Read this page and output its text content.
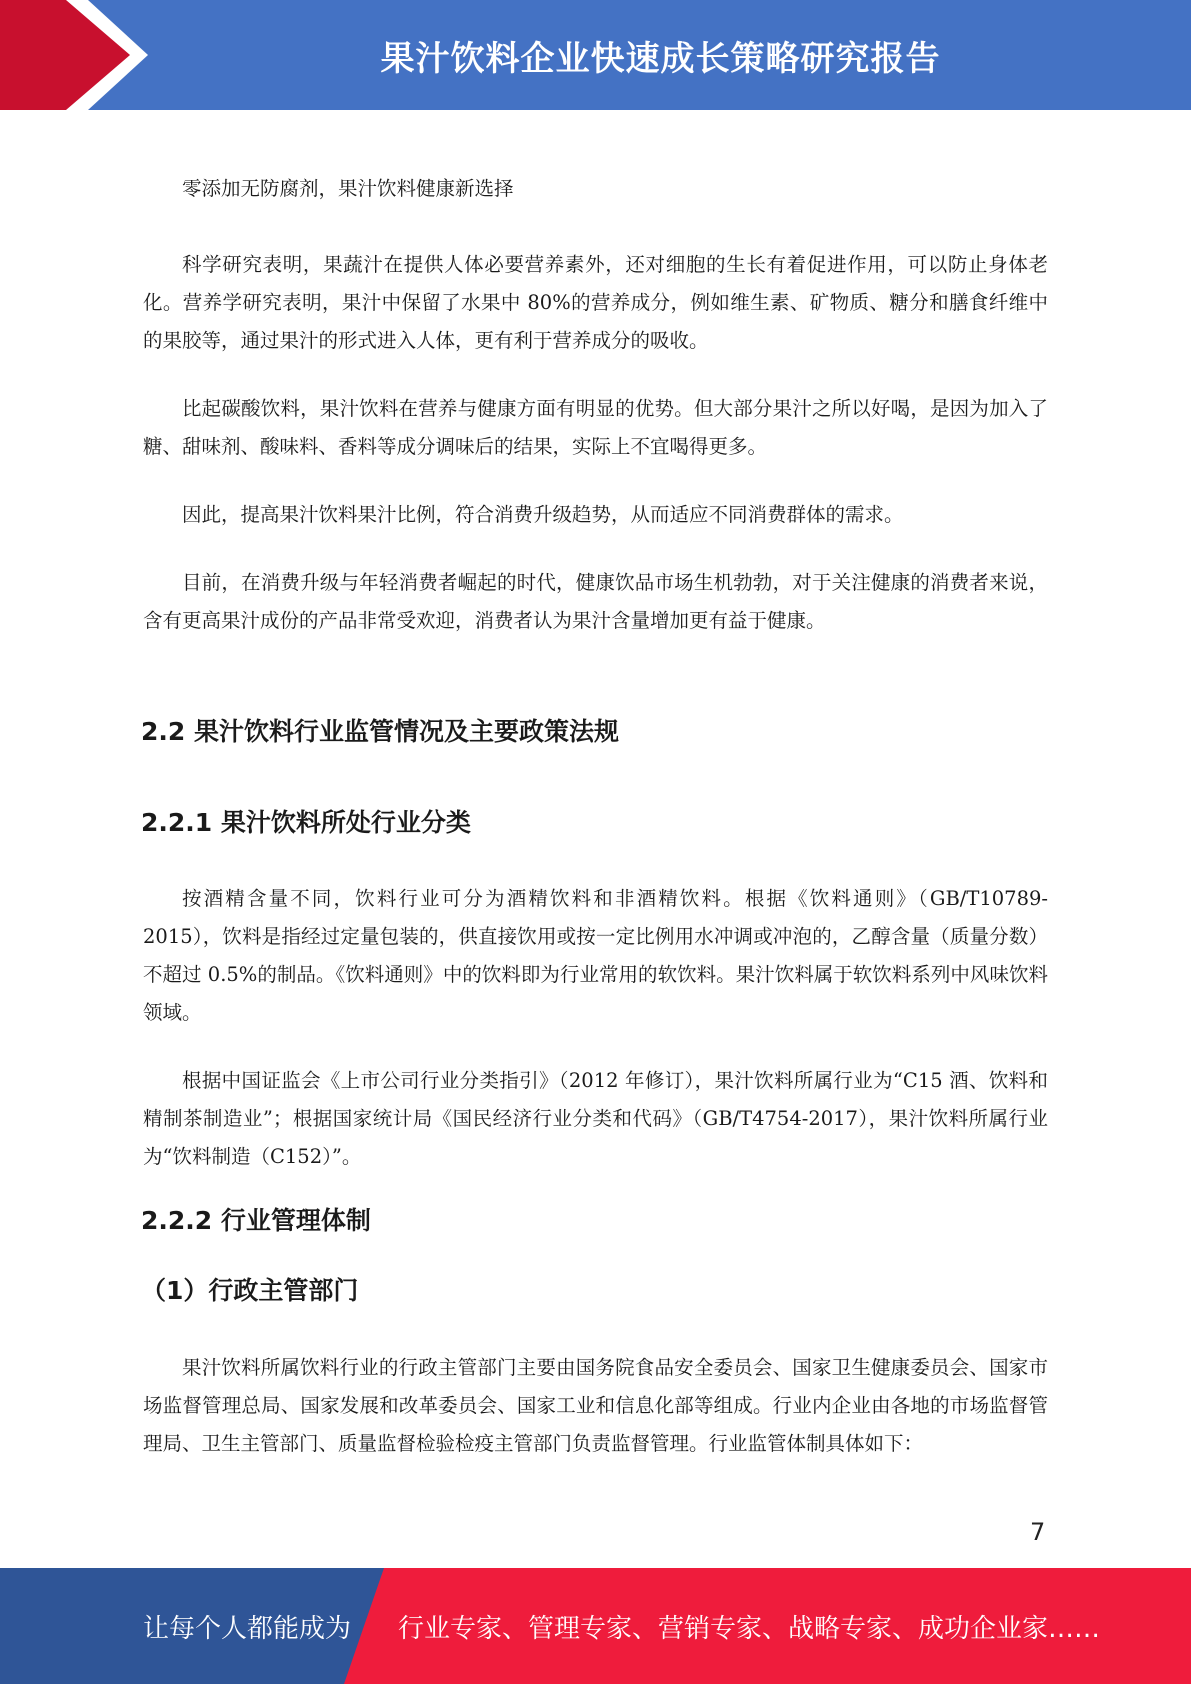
果汁饮料企业快速成长策略研究报告

零添加无防腐剂，果汁饮料健康新选择

科学研究表明，果蔬汁在提供人体必要营养素外，还对细胞的生长有着促进作用，可以防止身体老化。营养学研究表明，果汁中保留了水果中 80%的营养成分，例如维生素、矿物质、糖分和膳食纤维中的果胶等，通过果汁的形式进入人体，更有利于营养成分的吸收。

比起碳酸饮料，果汁饮料在营养与健康方面有明显的优势。但大部分果汁之所以好喝，是因为加入了糖、甜味剂、酸味料、香料等成分调味后的结果，实际上不宜喝得更多。

因此，提高果汁饮料果汁比例，符合消费升级趋势，从而适应不同消费群体的需求。

目前，在消费升级与年轻消费者崛起的时代，健康饮品市场生机勃勃，对于关注健康的消费者来说，含有更高果汁成份的产品非常受欢迎，消费者认为果汁含量增加更有益于健康。

2.2 果汁饮料行业监管情况及主要政策法规
2.2.1 果汁饮料所处行业分类

按酒精含量不同，饮料行业可分为酒精饮料和非酒精饮料。根据《饮料通则》（GB/T10789-2015），饮料是指经过定量包装的，供直接饮用或按一定比例用水冲调或冲泡的，乙醇含量（质量分数）不超过 0.5%的制品。《饮料通则》中的饮料即为行业常用的软饮料。果汁饮料属于软饮料系列中风味饮料领域。

根据中国证监会《上市公司行业分类指引》（2012 年修订），果汁饮料所属行业为“C15 酒、饮料和精制茶制造业”；根据国家统计局《国民经济行业分类和代码》（GB/T4754-2017），果汁饮料所属行业为“饮料制造（C152）”。

2.2.2 行业管理体制
（1）行政主管部门

果汁饮料所属饮料行业的行政主管部门主要由国务院食品安全委员会、国家卫生健康委员会、国家市场监督管理总局、国家发展和改革委员会、国家工业和信息化部等组成。行业内企业由各地的市场监督管理局、卫生主管部门、质量监督检验检疫主管部门负责监督管理。行业监管体制具体如下：

7
让每个人都能成为 行业专家、管理专家、营销专家、战略专家、成功企业家……
